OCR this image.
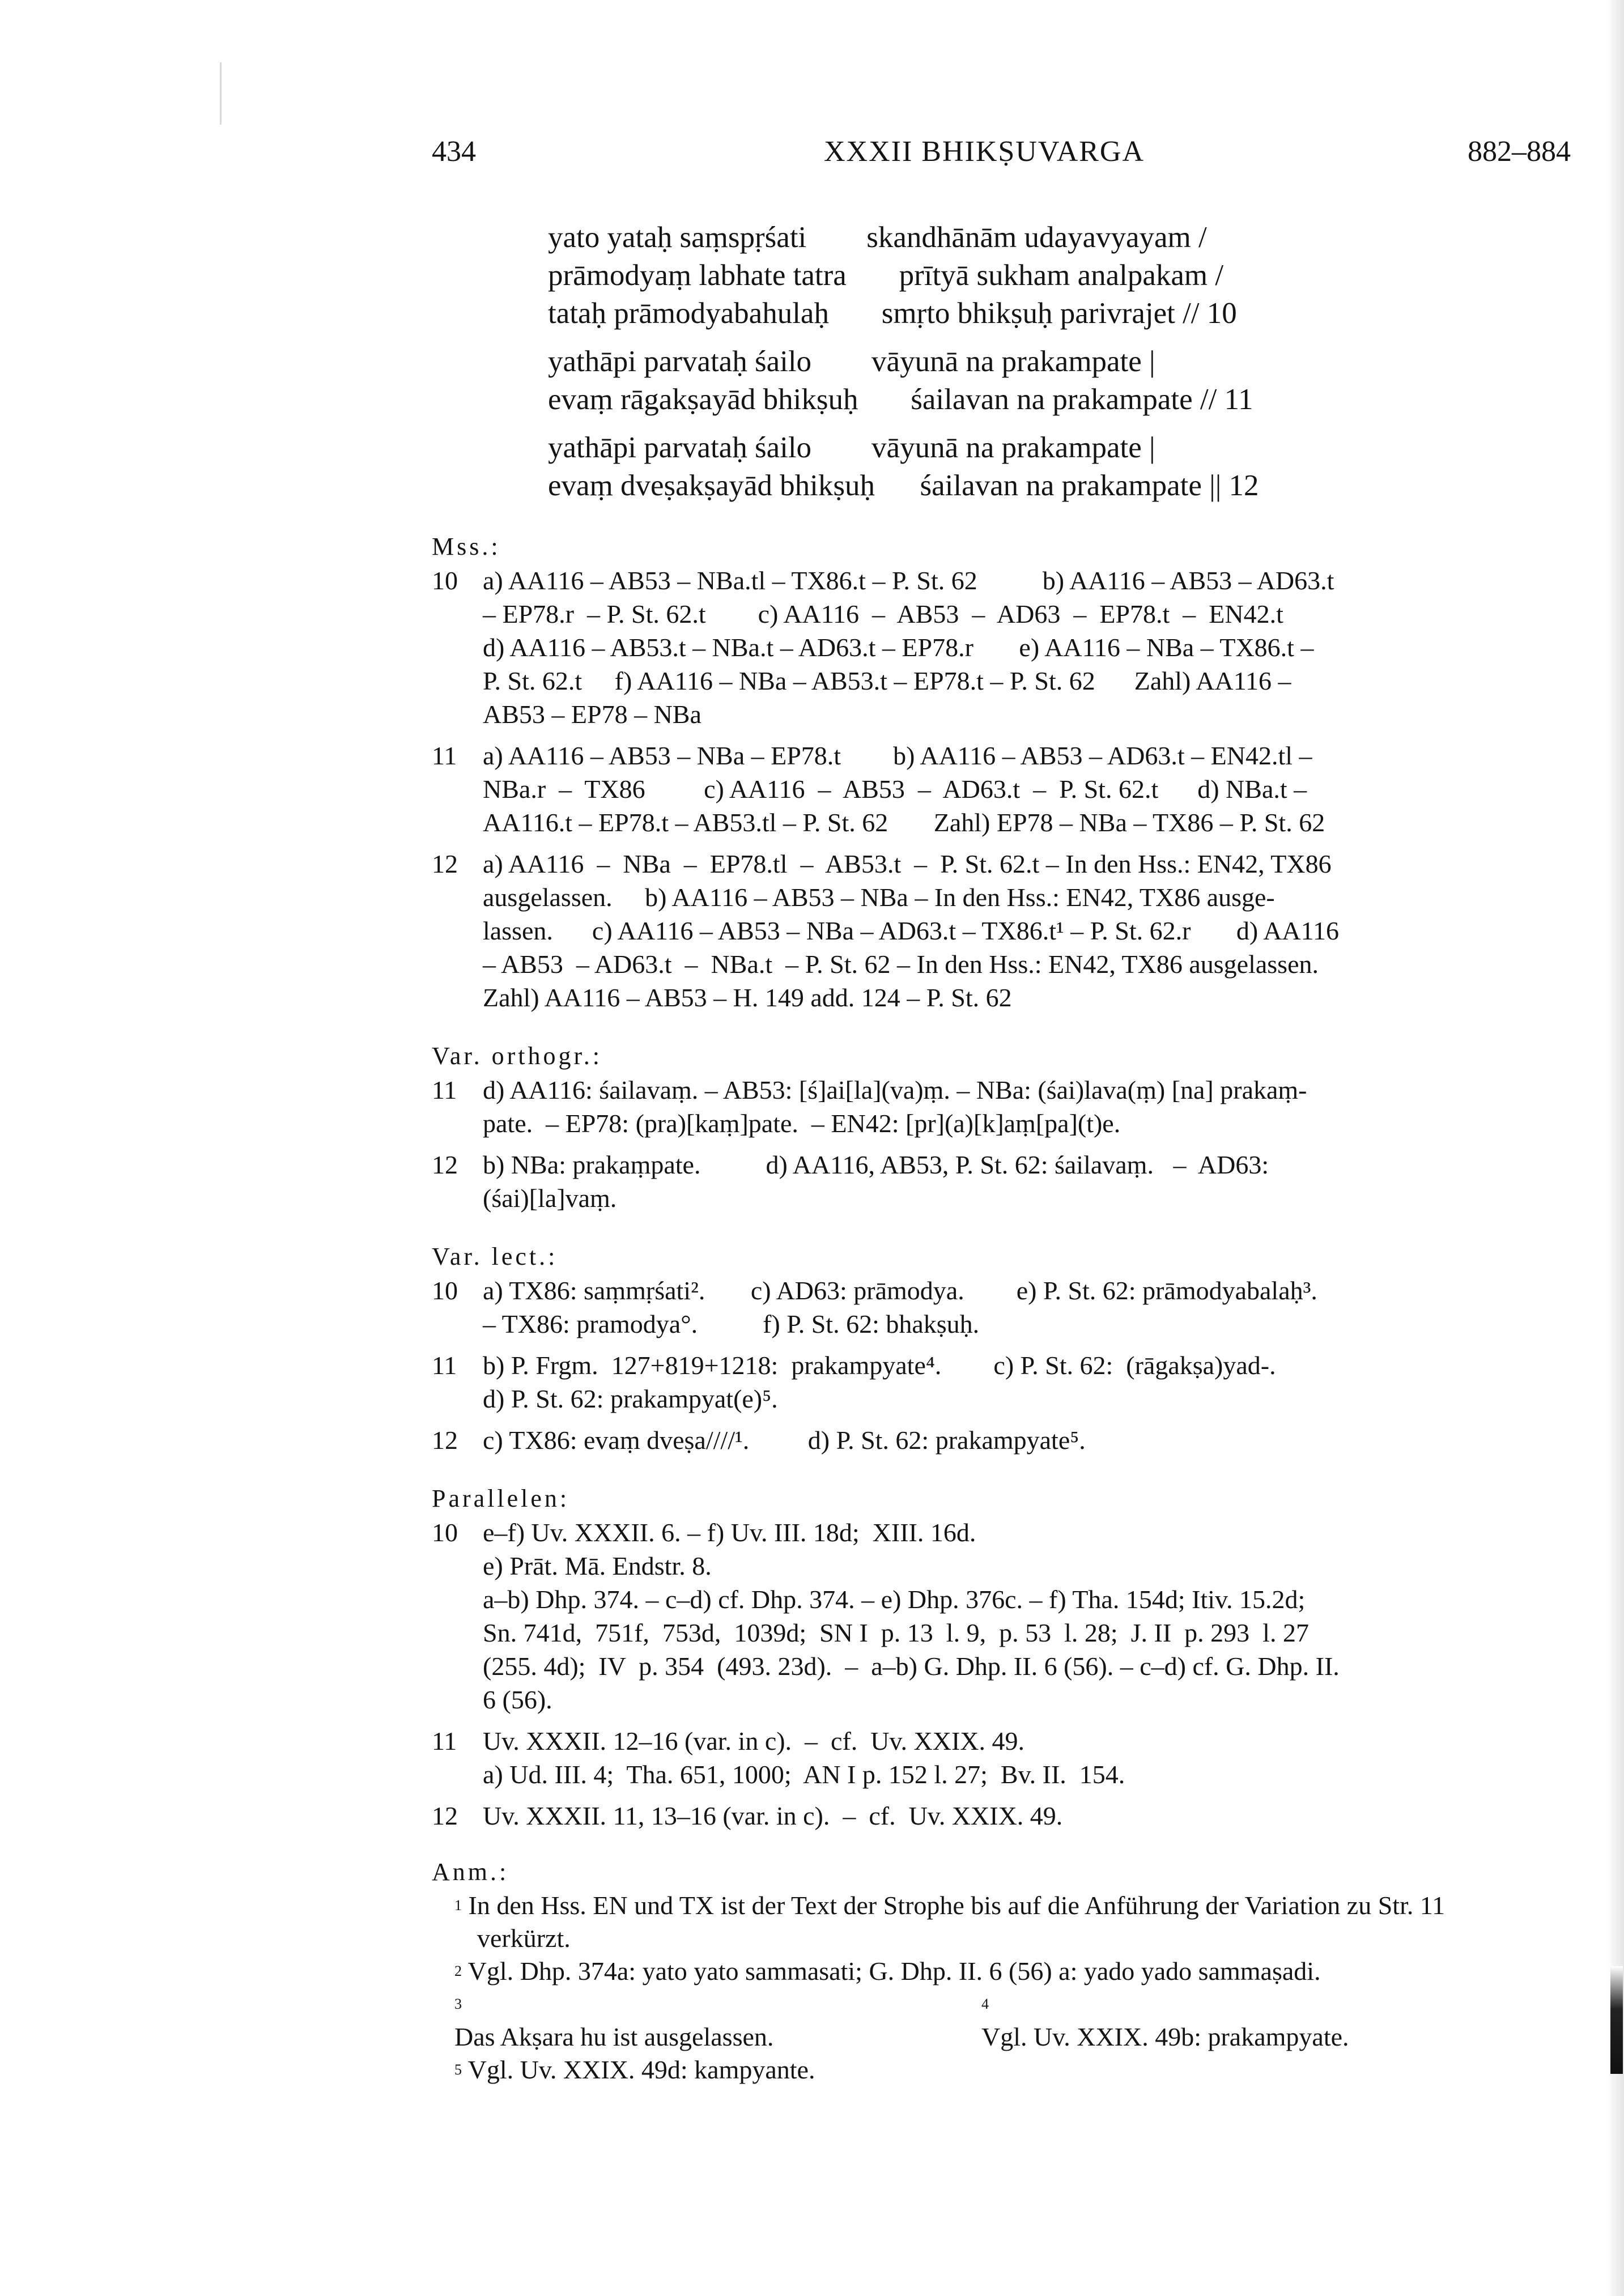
434	XXXII BHIKṢUVARGA	882–884
yato yataḥ saṃspṛśati        skandhānām udayavyayam /
prāmodyaṃ labhate tatra       prītyā sukham analpakam /
tataḥ prāmodyabahulaḥ       smṛto bhikṣuḥ parivrajet // 10
yathāpi parvataḥ śailo        vāyunā na prakampate |
evaṃ rāgakṣayād bhikṣuḥ       śailavan na prakampate // 11
yathāpi parvataḥ śailo        vāyunā na prakampate |
evaṃ dveṣakṣayād bhikṣuḥ      śailavan na prakampate || 12
Mss.:
10 a) AA116 – AB53 – NBa.tl – TX86.t – P. St. 62          b) AA116 – AB53 – AD63.t
– EP78.r  – P. St. 62.t        c) AA116  –  AB53  –  AD63  –  EP78.t  –  EN42.t
d) AA116 – AB53.t – NBa.t – AD63.t – EP78.r       e) AA116 – NBa – TX86.t –
P. St. 62.t     f) AA116 – NBa – AB53.t – EP78.t – P. St. 62      Zahl) AA116 –
AB53 – EP78 – NBa
11 a) AA116 – AB53 – NBa – EP78.t        b) AA116 – AB53 – AD63.t – EN42.tl –
NBa.r  –  TX86         c) AA116  –  AB53  –  AD63.t  –  P. St. 62.t      d) NBa.t –
AA116.t – EP78.t – AB53.tl – P. St. 62       Zahl) EP78 – NBa – TX86 – P. St. 62
12 a) AA116  –  NBa  –  EP78.tl  –  AB53.t  –  P. St. 62.t – In den Hss.: EN42, TX86
ausgelassen.     b) AA116 – AB53 – NBa – In den Hss.: EN42, TX86 ausge-
lassen.      c) AA116 – AB53 – NBa – AD63.t – TX86.t¹ – P. St. 62.r       d) AA116
– AB53  – AD63.t  –  NBa.t  – P. St. 62 – In den Hss.: EN42, TX86 ausgelassen.
Zahl) AA116 – AB53 – H. 149 add. 124 – P. St. 62
Var. orthogr.:
11 d) AA116: śailavaṃ. – AB53: [ś]ai[la](va)ṃ. – NBa: (śai)lava(ṃ) [na] prakaṃ-
pate.  – EP78: (pra)[kaṃ]pate.  – EN42: [pr](a)[k]aṃ[pa](t)e.
12 b) NBa: prakaṃpate.          d) AA116, AB53, P. St. 62: śailavaṃ.   –  AD63:
(śai)[la]vaṃ.
Var. lect.:
10 a) TX86: saṃmṛśati².       c) AD63: prāmodya.        e) P. St. 62: prāmodyabalaḥ³.
– TX86: pramodya°.          f) P. St. 62: bhakṣuḥ.
11 b) P. Frgm.  127+819+1218:  prakampyate⁴.        c) P. St. 62:  (rāgakṣa)yad-.
d) P. St. 62: prakampyat(e)⁵.
12 c) TX86: evaṃ dveṣa////¹.         d) P. St. 62: prakampyate⁵.
Parallelen:
10 e–f) Uv. XXXII. 6. – f) Uv. III. 18d;  XIII. 16d.
e) Prāt. Mā. Endstr. 8.
a–b) Dhp. 374. – c–d) cf. Dhp. 374. – e) Dhp. 376c. – f) Tha. 154d; Itiv. 15.2d;
Sn. 741d,  751f,  753d,  1039d;  SN I  p. 13  l. 9,  p. 53  l. 28;  J. II  p. 293  l. 27
(255. 4d);  IV  p. 354  (493. 23d).  –  a–b) G. Dhp. II. 6 (56). – c–d) cf. G. Dhp. II.
6 (56).
11 Uv. XXXII. 12–16 (var. in c).  –  cf.  Uv. XXIX. 49.
a) Ud. III. 4;  Tha. 651, 1000;  AN I p. 152 l. 27;  Bv. II.  154.
12 Uv. XXXII. 11, 13–16 (var. in c).  –  cf.  Uv. XXIX. 49.
Anm.:
$^1$ In den Hss. EN und TX ist der Text der Strophe bis auf die Anführung der Variation zu Str. 11 verkürzt.
$^2$ Vgl. Dhp. 374a: yato yato sammasati; G. Dhp. II. 6 (56) a: yado yado sammaṣadi.
$^3$
Das Akṣara hu ist ausgelassen.
$^4$
Vgl. Uv. XXIX. 49b: prakampyate.
$^5$ Vgl. Uv. XXIX. 49d: kampyante.
